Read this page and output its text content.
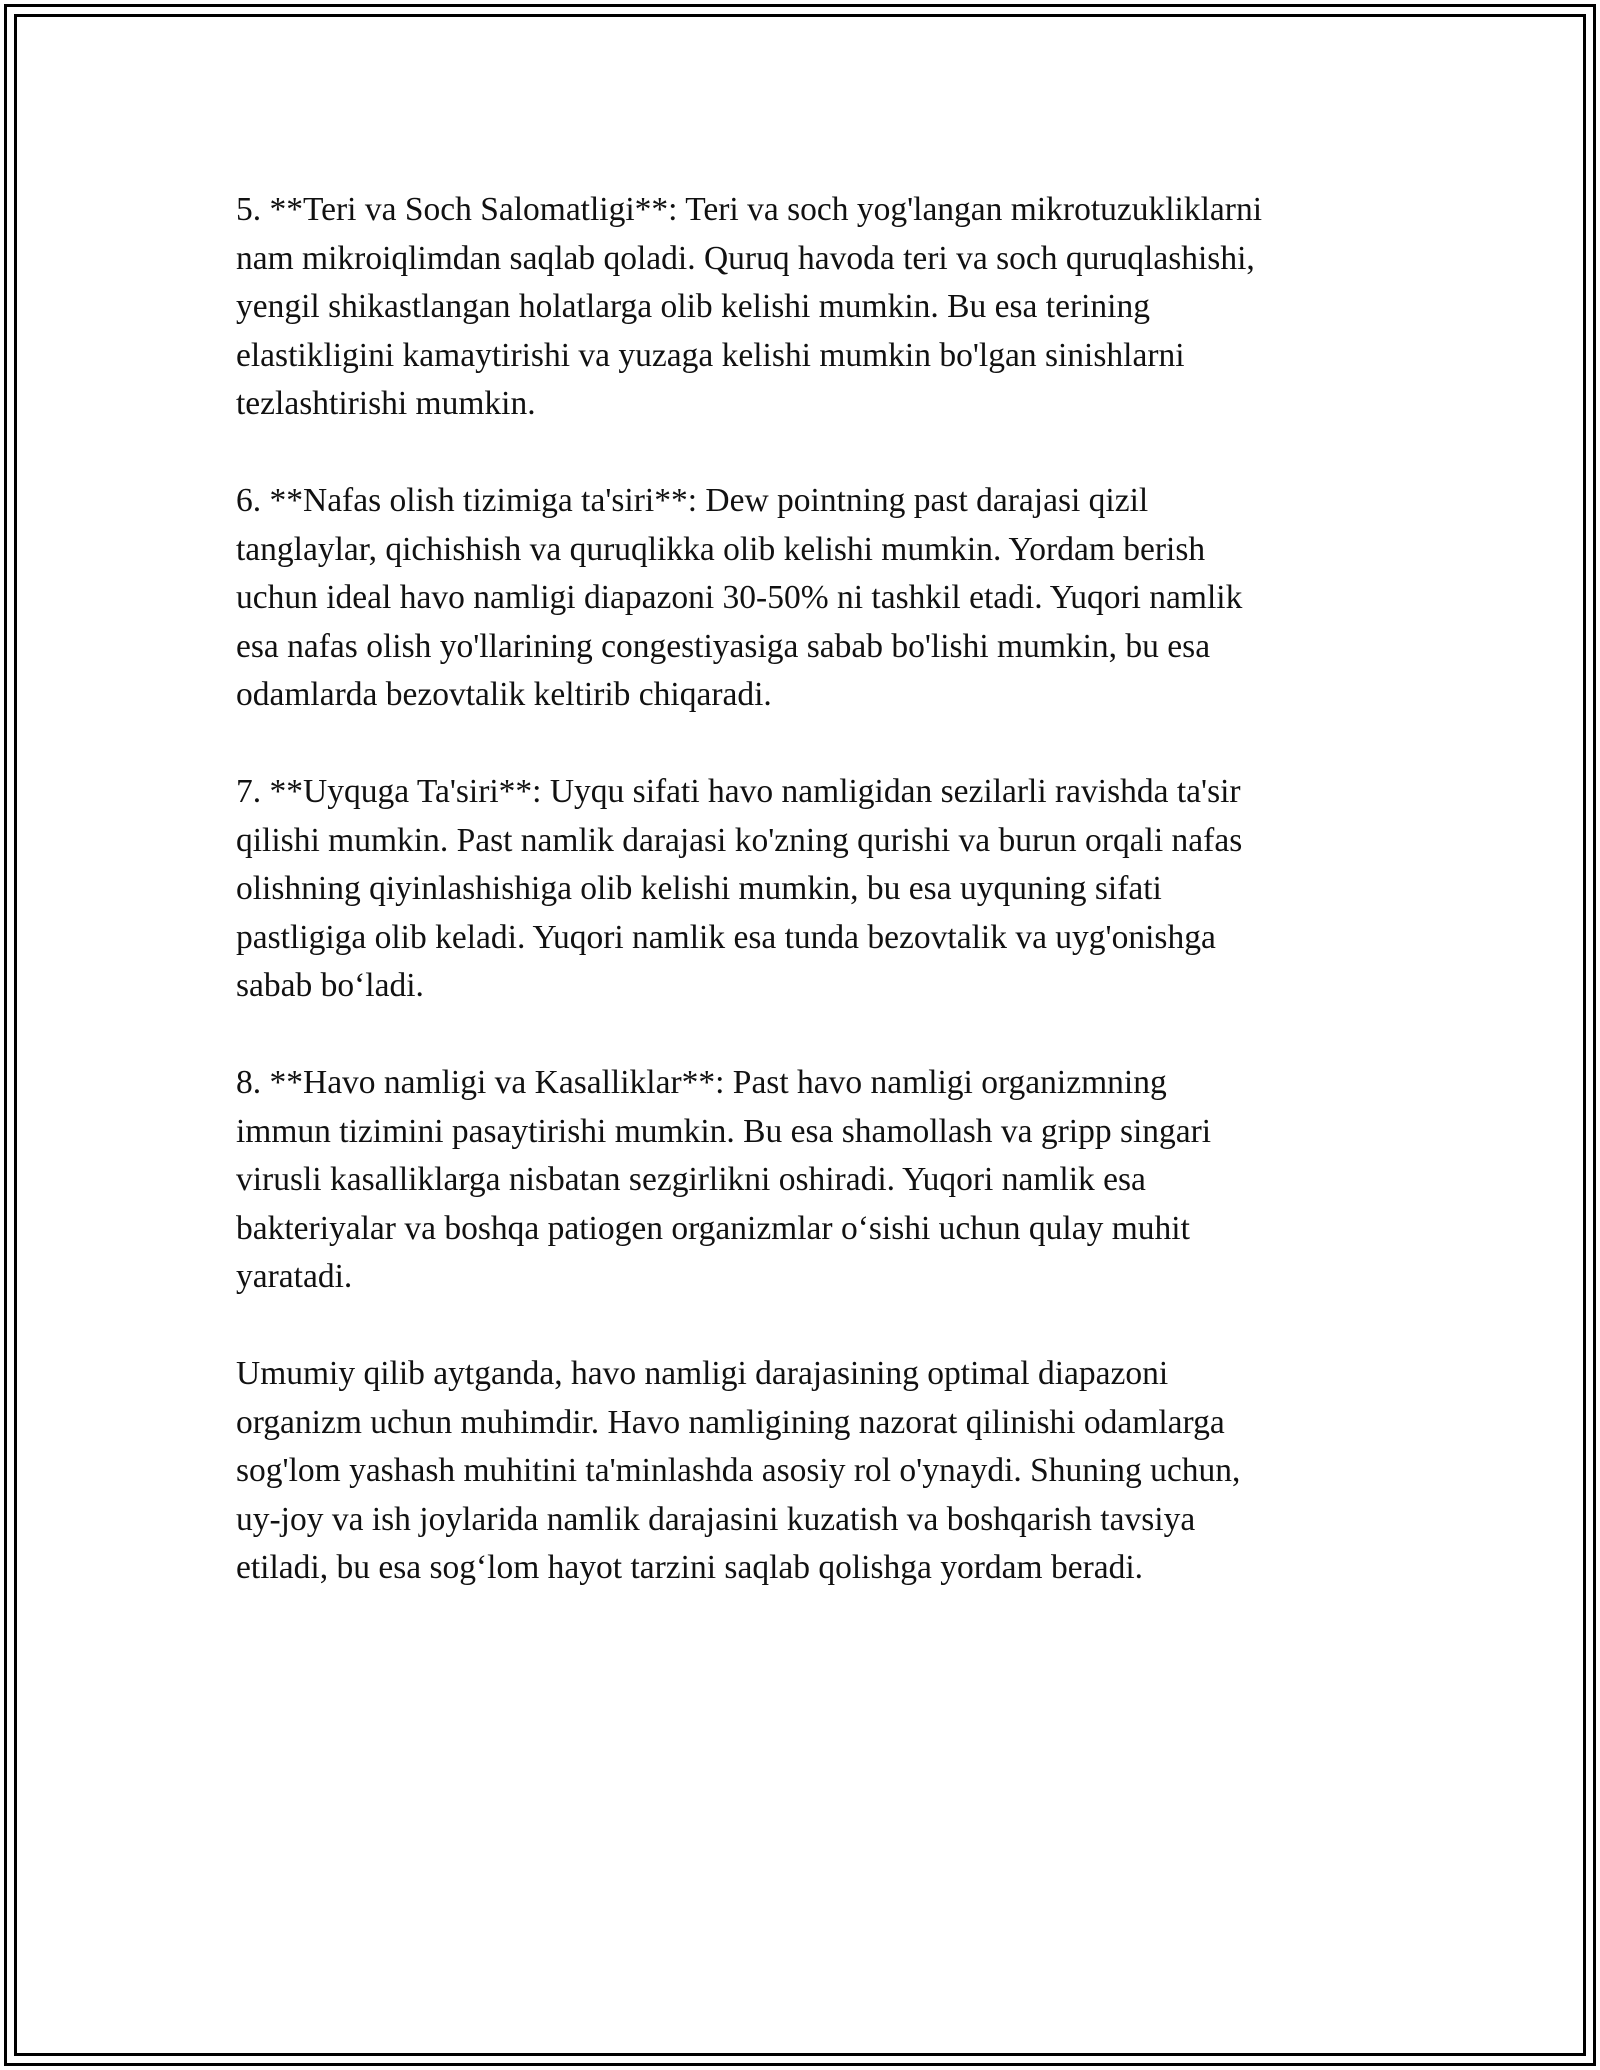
5. **Teri va Soch Salomatligi**: Teri va soch yog'langan mikrotuzukliklarni
nam mikroiqlimdan saqlab qoladi. Quruq havoda teri va soch quruqlashishi,
yengil shikastlangan holatlarga olib kelishi mumkin. Bu esa terining
elastikligini kamaytirishi va yuzaga kelishi mumkin bo'lgan sinishlarni
tezlashtirishi mumkin.

6. **Nafas olish tizimiga ta'siri**: Dew pointning past darajasi qizil
tanglaylar, qichishish va quruqlikka olib kelishi mumkin. Yordam berish
uchun ideal havo namligi diapazoni 30-50% ni tashkil etadi. Yuqori namlik
esa nafas olish yo'llarining congestiyasiga sabab bo'lishi mumkin, bu esa
odamlarda bezovtalik keltirib chiqaradi.

7. **Uyquga Ta'siri**: Uyqu sifati havo namligidan sezilarli ravishda ta'sir
qilishi mumkin. Past namlik darajasi ko'zning qurishi va burun orqali nafas
olishning qiyinlashishiga olib kelishi mumkin, bu esa uyquning sifati
pastligiga olib keladi. Yuqori namlik esa tunda bezovtalik va uyg'onishga
sabab bo‘ladi.

8. **Havo namligi va Kasalliklar**: Past havo namligi organizmning
immun tizimini pasaytirishi mumkin. Bu esa shamollash va gripp singari
virusli kasalliklarga nisbatan sezgirlikni oshiradi. Yuqori namlik esa
bakteriyalar va boshqa patiogen organizmlar o‘sishi uchun qulay muhit
yaratadi.

Umumiy qilib aytganda, havo namligi darajasining optimal diapazoni
organizm uchun muhimdir. Havo namligining nazorat qilinishi odamlarga
sog'lom yashash muhitini ta'minlashda asosiy rol o'ynaydi. Shuning uchun,
uy-joy va ish joylarida namlik darajasini kuzatish va boshqarish tavsiya
etiladi, bu esa sog‘lom hayot tarzini saqlab qolishga yordam beradi.
